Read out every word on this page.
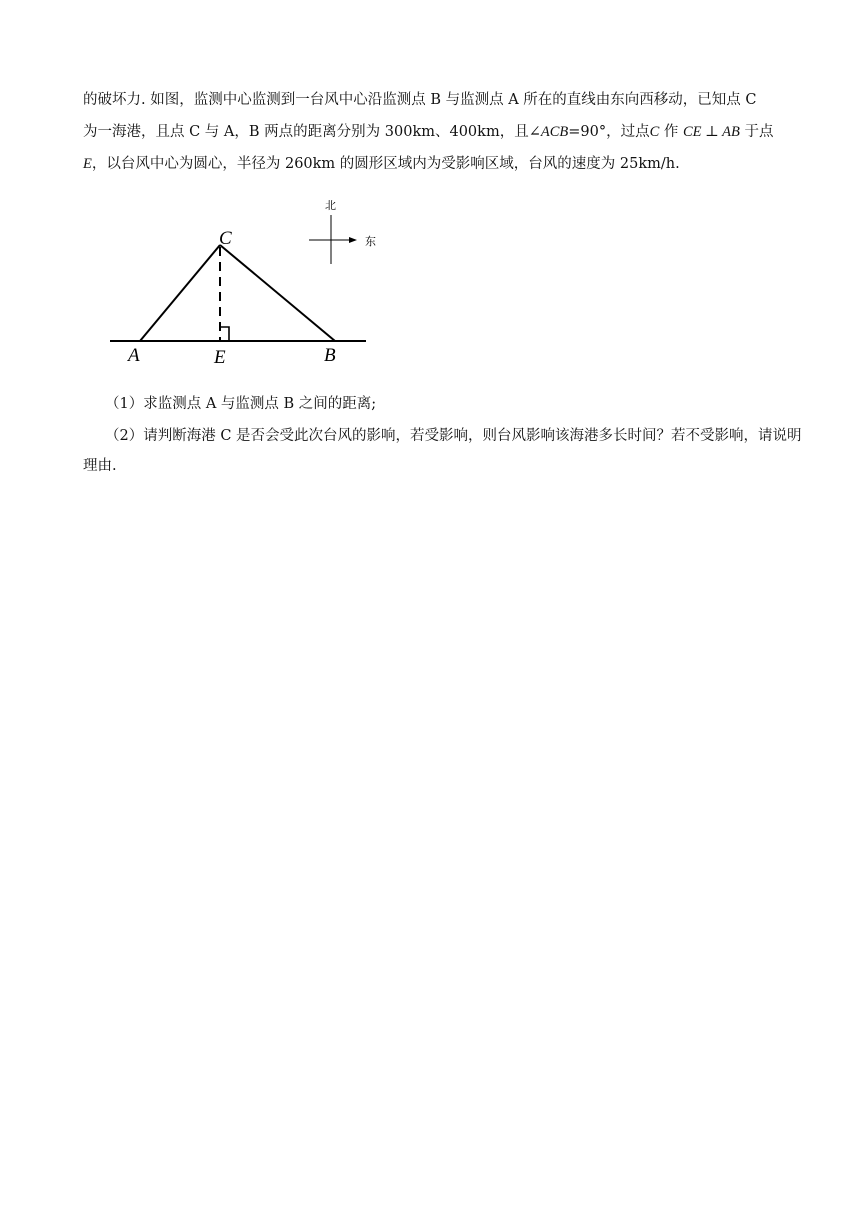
的破坏力. 如图，监测中心监测到一台风中心沿监测点 B 与监测点 A 所在的直线由东向西移动，已知点 C
为一海港，且点 C 与 A，B 两点的距离分别为 300km、400km，且∠ACB=90°，过点C 作 CE ⊥ AB 于点
E，以台风中心为圆心，半径为 260km 的圆形区域内为受影响区域，台风的速度为 25km/h.
C
A	E	B
北
东
（1）求监测点 A 与监测点 B 之间的距离;
（2）请判断海港 C 是否会受此次台风的影响，若受影响，则台风影响该海港多长时间？若不受影响，请说明理由.
